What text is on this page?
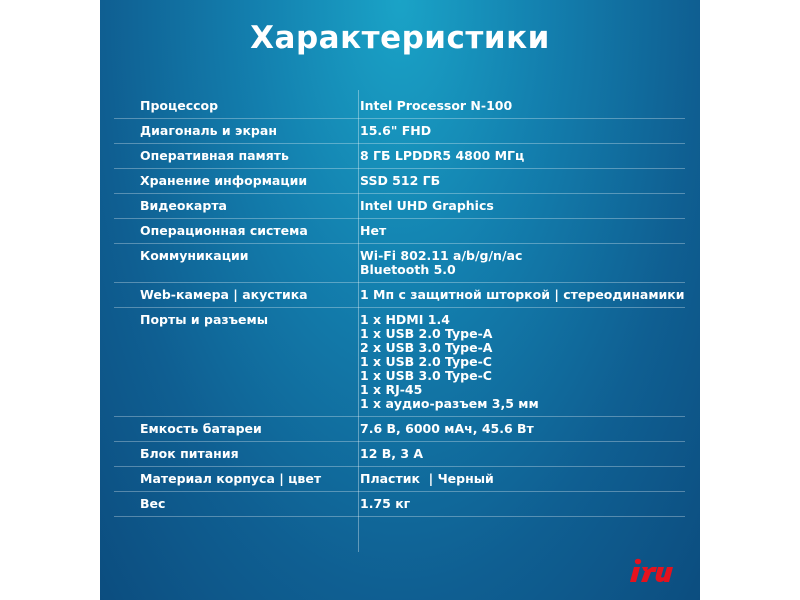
Характеристики
Процессор	Intel Processor N-100
Диагональ и экран	15.6" FHD
Оперативная память	8 ГБ LPDDR5 4800 МГц
Хранение информации	SSD 512 ГБ
Видеокарта	Intel UHD Graphics
Операционная система	Нет
Коммуникации	Wi-Fi 802.11 a/b/g/n/ac
Bluetooth 5.0
Web-камера | акустика	1 Мп с защитной шторкой | стереодинамики
Порты и разъемы	1 x HDMI 1.4
1 x USB 2.0 Type-A
2 x USB 3.0 Type-A
1 x USB 2.0 Type-C
1 x USB 3.0 Type-C
1 x RJ-45
1 x аудио-разъем 3,5 мм
Емкость батареи	7.6 В, 6000 мАч, 45.6 Вт
Блок питания	12 В, 3 А
Материал корпуса | цвет	Пластик  | Черный
Вес	1.75 кг
